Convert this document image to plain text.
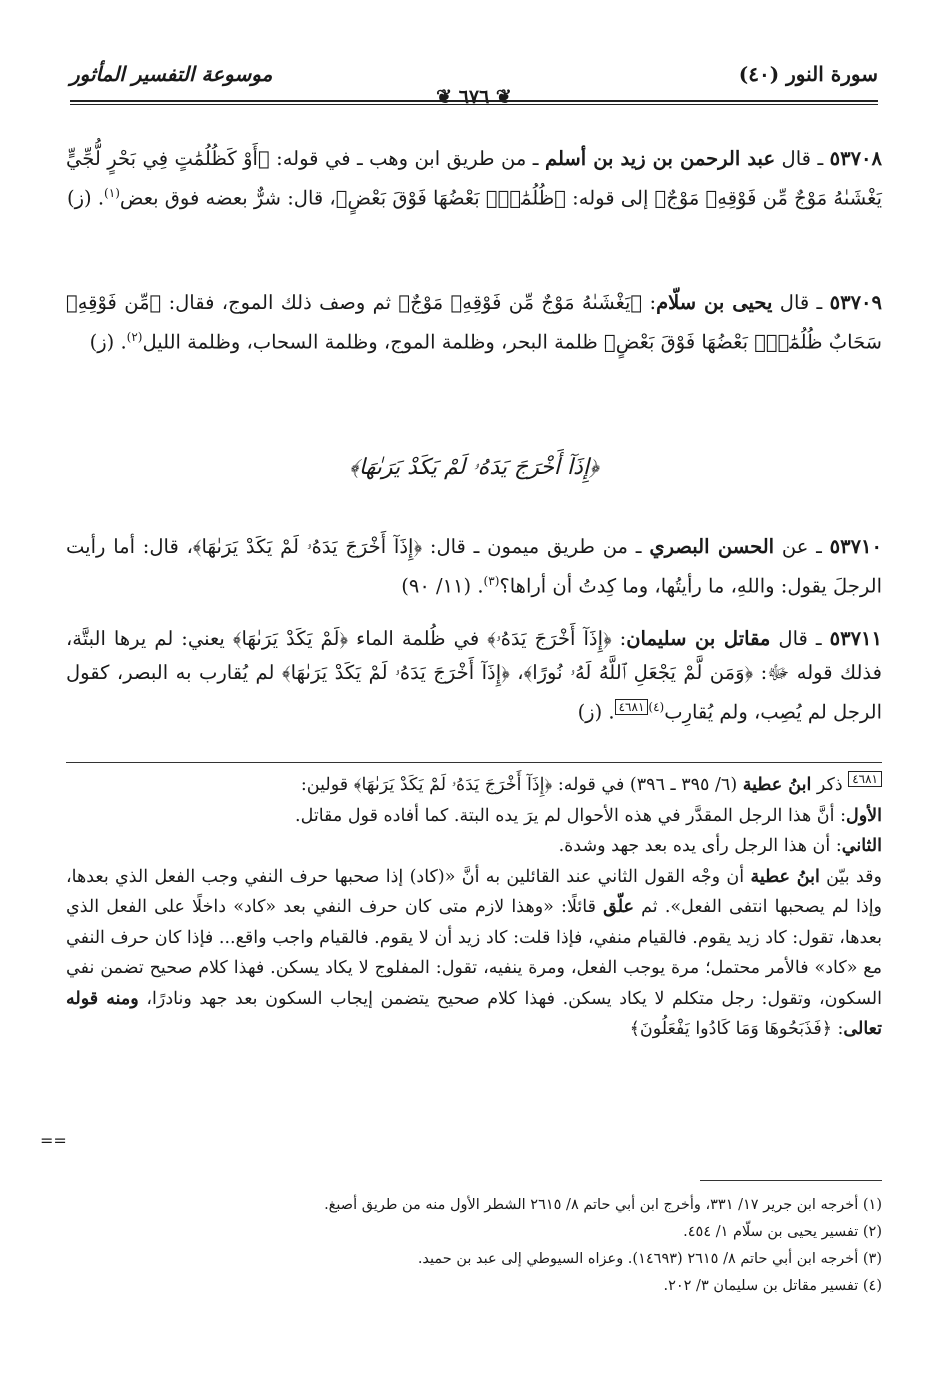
سورة النور (٤٠)
موسوعة التفسير المأثور
❦ ٦٧٦ ❦
٥٣٧٠٨ ـ قال عبد الرحمن بن زيد بن أسلم ـ من طريق ابن وهب ـ في قوله: ﴿أَوْ كَظُلُمَٰتٍ فِي بَحْرٍ لُّجِّيٍّ يَغْشَىٰهُ مَوْجٌ مِّن فَوْقِهِۦ مَوْجٌ﴾ إلى قوله: ﴿ظُلُمَٰتٌۢ بَعْضُهَا فَوْقَ بَعْضٍ﴾، قال: شرٌّ بعضه فوق بعض$^{(١)}$. (ز)
٥٣٧٠٩ ـ قال يحيى بن سلّام: ﴿يَغْشَىٰهُ مَوْجٌ مِّن فَوْقِهِۦ مَوْجٌ﴾ ثم وصف ذلك الموج، فقال: ﴿مِّن فَوْقِهِۦ سَحَابٌ ظُلُمَٰتٌۢ بَعْضُهَا فَوْقَ بَعْضٍ﴾ ظلمة البحر، وظلمة الموج، وظلمة السحاب، وظلمة الليل$^{(٢)}$. (ز)
﴿إِذَآ أَخْرَجَ يَدَهُۥ لَمْ يَكَدْ يَرَىٰهَا﴾
٥٣٧١٠ ـ عن الحسن البصري ـ من طريق ميمون ـ قال: ﴿إِذَآ أَخْرَجَ يَدَهُۥ لَمْ يَكَدْ يَرَىٰهَا﴾، قال: أما رأيت الرجلَ يقول: واللهِ، ما رأيتُها، وما كِدتُ أن أراها؟$^{(٣)}$. (١١/ ٩٠)
٥٣٧١١ ـ قال مقاتل بن سليمان: ﴿إِذَآ أَخْرَجَ يَدَهُۥ﴾ في ظُلمة الماء ﴿لَمْ يَكَدْ يَرَىٰهَا﴾ يعني: لم يرها البتَّة، فذلك قوله ﷻ: ﴿وَمَن لَّمْ يَجْعَلِ ٱللَّهُ لَهُۥ نُورًا﴾، ﴿إِذَآ أَخْرَجَ يَدَهُۥ لَمْ يَكَدْ يَرَىٰهَا﴾ لم يُقارب به البصر، كقول الرجل لم يُصِب، ولم يُقارِب$^{(٤)}$٤٦٨١. (ز)

٤٦٨١ ذكر ابنُ عطية (٦/ ٣٩٥ ـ ٣٩٦) في قوله: ﴿إِذَآ أَخْرَجَ يَدَهُۥ لَمْ يَكَدْ يَرَىٰهَا﴾ قولين:

الأول: أنَّ هذا الرجل المقدَّر في هذه الأحوال لم يرَ يده البتة. كما أفاده قول مقاتل.

الثاني: أن هذا الرجل رأى يده بعد جهد وشدة.

وقد بيّن ابنُ عطية أن وجْه القول الثاني عند القائلين به أنَّ «(كاد) إذا صحبها حرف النفي وجب الفعل الذي بعدها، وإذا لم يصحبها انتفى الفعل». ثم علّق قائلًا: «وهذا لازم متى كان حرف النفي بعد «كاد» داخلًا على الفعل الذي بعدها، تقول: كاد زيد يقوم. فالقيام منفي، فإذا قلت: كاد زيد أن لا يقوم. فالقيام واجب واقع... فإذا كان حرف النفي مع «كاد» فالأمر محتمل؛ مرة يوجب الفعل، ومرة ينفيه، تقول: المفلوج لا يكاد يسكن. فهذا كلام صحيح تضمن نفي السكون، وتقول: رجل متكلم لا يكاد يسكن. فهذا كلام صحيح يتضمن إيجاب السكون بعد جهد ونادرًا، ومنه قوله تعالى: ﴿فَذَبَحُوهَا وَمَا كَادُوا يَفْعَلُونَ﴾

==
(١) أخرجه ابن جرير ١٧/ ٣٣١، وأخرج ابن أبي حاتم ٨/ ٢٦١٥ الشطر الأول منه من طريق أصبغ.
(٢) تفسير يحيى بن سلّام ١/ ٤٥٤.
(٣) أخرجه ابن أبي حاتم ٨/ ٢٦١٥ (١٤٦٩٣). وعزاه السيوطي إلى عبد بن حميد.
(٤) تفسير مقاتل بن سليمان ٣/ ٢٠٢.
